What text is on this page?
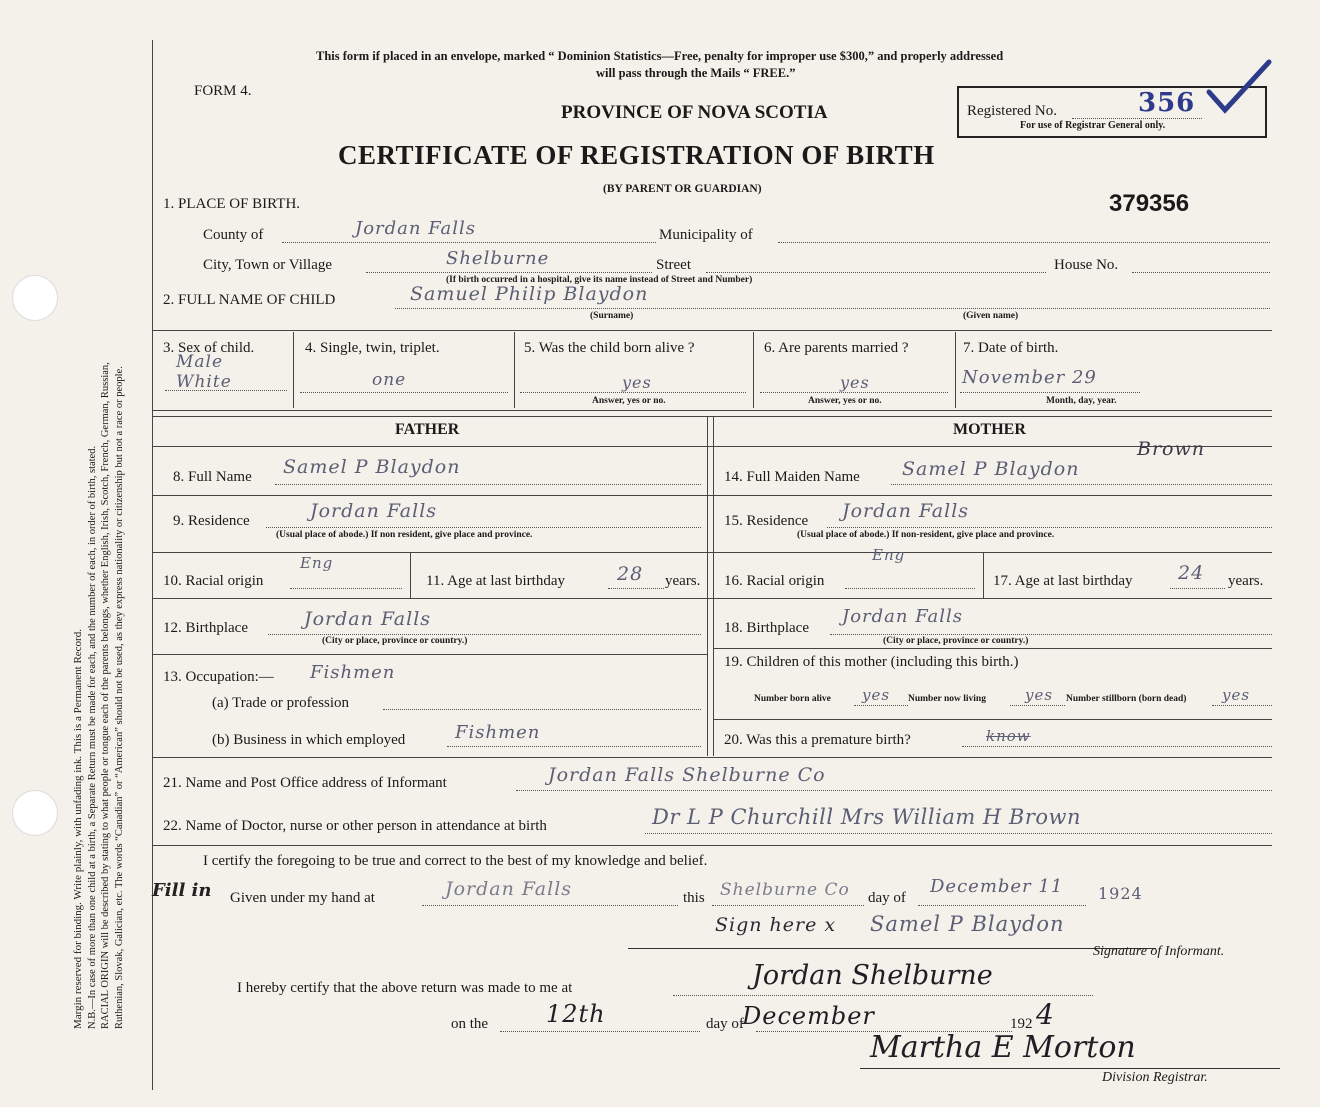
Margin reserved for binding. Write plainly, with unfading ink. This is a Permanent Record. N.B.—In case of more than one child at a birth, a Separate Return must be made for each, and the number of each, in order of birth, stated. RACIAL ORIGIN will be described by stating to what people or tongue each of the parents belongs, whether English, Irish, Scotch, French, German, Russian, Ruthenian, Slovak, Galician, etc. The words “Canadian” or “American” should not be used, as they express nationality or citizenship but not a race or people.
This form if placed in an envelope, marked “ Dominion Statistics—Free, penalty for improper use $300,” and properly addressed
will pass through the Mails “ FREE.”
FORM 4.
PROVINCE OF NOVA SCOTIA	Registered No.	356
For use of Registrar General only.
CERTIFICATE OF REGISTRATION OF BIRTH
(BY PARENT OR GUARDIAN)
379356
1. PLACE OF BIRTH.
County of	Jordan Falls	Municipality of
City, Town or Village	Shelburne	Street	House No.
(If birth occurred in a hospital, give its name instead of Street and Number)
2. FULL NAME OF CHILD	Samuel Philip Blaydon
(Surname)	(Given name)
3. Sex of child.
Male
White
4. Single, twin, triplet.
one
5. Was the child born alive ?
yes
Answer, yes or no.
6. Are parents married ?
yes
Answer, yes or no.
7. Date of birth.
November 29
Month, day, year.
FATHER	MOTHER
8. Full Name Samel P Blaydon
9. Residence	Jordan Falls
(Usual place of abode.) If non resident, give place and province.
10. Racial origin
Eng
11. Age at last birthday	28 years.
12. Birthplace	Jordan Falls
(City or place, province or country.)
13. Occupation:— Fishmen
(a) Trade or profession
(b) Business in which employed	Fishmen
14. Full Maiden Name Samel P Blaydon
Brown
15. Residence Jordan Falls
(Usual place of abode.) If non-resident, give place and province.
16. Racial origin
Eng
17. Age at last birthday 24 years.
18. Birthplace
Jordan Falls
(City or place, province or country.)
19. Children of this mother (including this birth.)
Number born alive yes Number now living	yes Number stillborn (born dead) yes
20. Was this a premature birth?	know
21. Name and Post Office address of Informant	Jordan Falls Shelburne Co
22. Name of Doctor, nurse or other person in attendance at birth	Dr L P Churchill Mrs William H Brown
I certify the foregoing to be true and correct to the best of my knowledge and belief.
Fill in Given under my hand at	Jordan Falls	this Shelburne Co day of
December 11 1924
Sign here x Samel P Blaydon
Signature of Informant.
I hereby certify that the above return was made to me at	Jordan Shelburne
on the 12th	day of
December	192 4
Martha E Morton
Division Registrar.
